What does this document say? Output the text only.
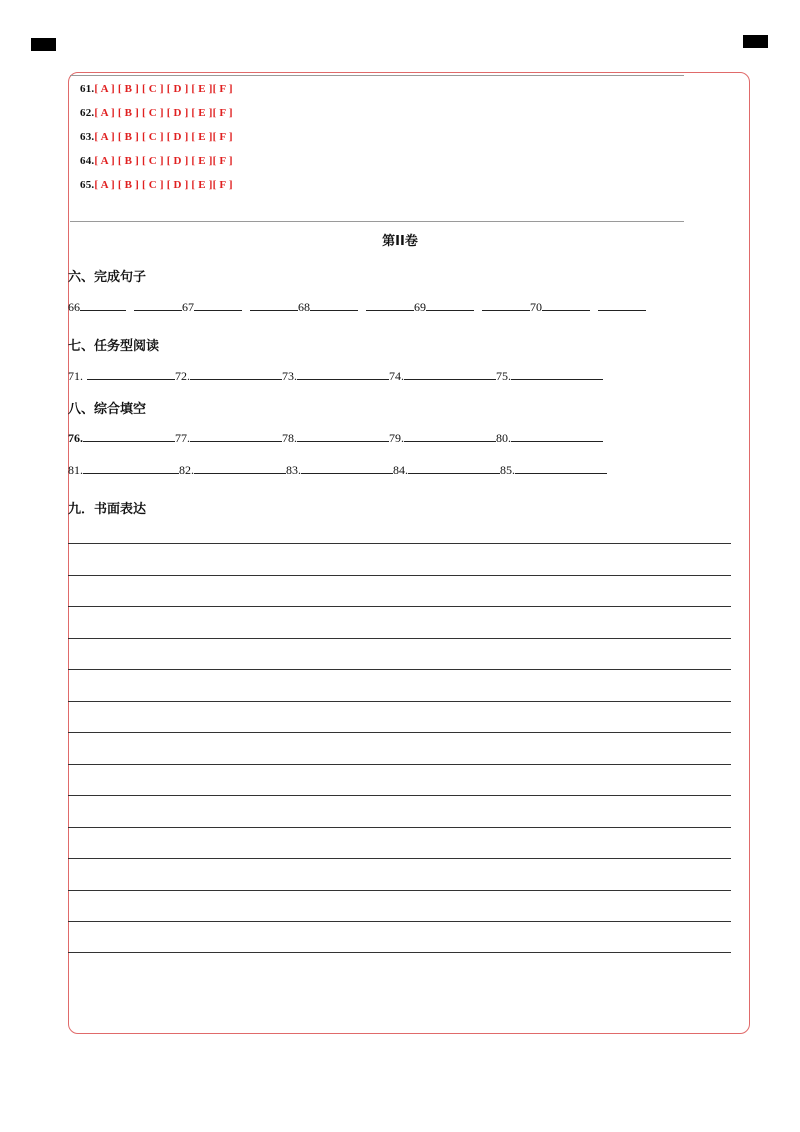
61.[ A ] [ B ] [ C ] [ D ] [ E ][ F ]
62.[ A ] [ B ] [ C ] [ D ] [ E ][ F ]
63.[ A ] [ B ] [ C ] [ D ] [ E ][ F ]
64.[ A ] [ B ] [ C ] [ D ] [ E ][ F ]
65.[ A ] [ B ] [ C ] [ D ] [ E ][ F ]
第II卷
六、完成句子
66	67	68	69	70
七、任务型阅读
71.	72.	73.	74.	75.
八、综合填空
76.	77.	78.	79.	80.
81.	82.	83.	84.	85.
九．书面表达
